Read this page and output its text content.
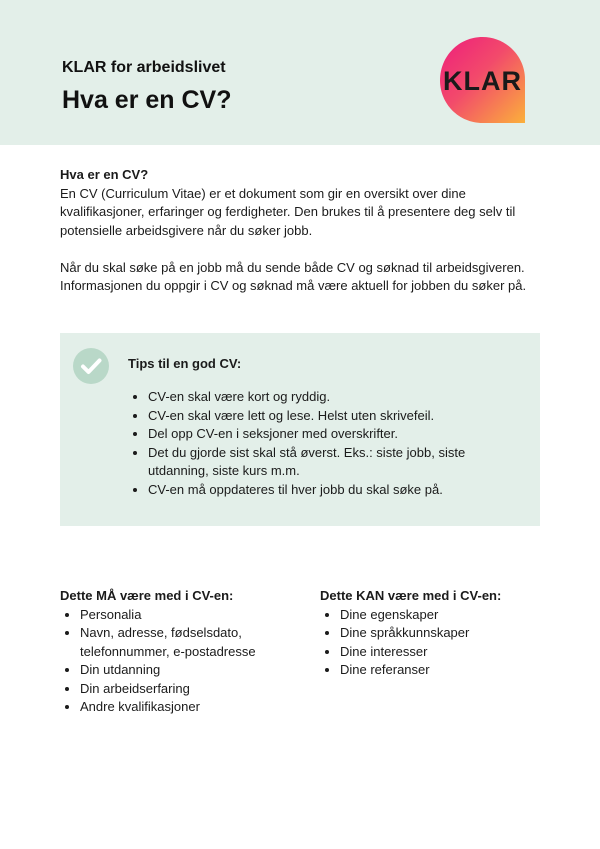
KLAR for arbeidslivet
Hva er en CV?
KLAR
Hva er en CV?

En CV (Curriculum Vitae) er et dokument som gir en oversikt over dine kvalifikasjoner, erfaringer og ferdigheter. Den brukes til å presentere deg selv til potensielle arbeidsgivere når du søker jobb.

Når du skal søke på en jobb må du sende både CV og søknad til arbeidsgiveren. Informasjonen du oppgir i CV og søknad må være aktuell for jobben du søker på.

Tips til en god CV:
• CV-en skal være kort og ryddig.
• CV-en skal være lett og lese. Helst uten skrivefeil.
• Del opp CV-en i seksjoner med overskrifter.
• Det du gjorde sist skal stå øverst. Eks.: siste jobb, siste utdanning, siste kurs m.m.
• CV-en må oppdateres til hver jobb du skal søke på.
Dette MÅ være med i CV-en:
• Personalia
• Navn, adresse, fødselsdato, telefonnummer, e-postadresse
• Din utdanning
• Din arbeidserfaring
• Andre kvalifikasjoner
Dette KAN være med i CV-en:
• Dine egenskaper
• Dine språkkunnskaper
• Dine interesser
• Dine referanser
